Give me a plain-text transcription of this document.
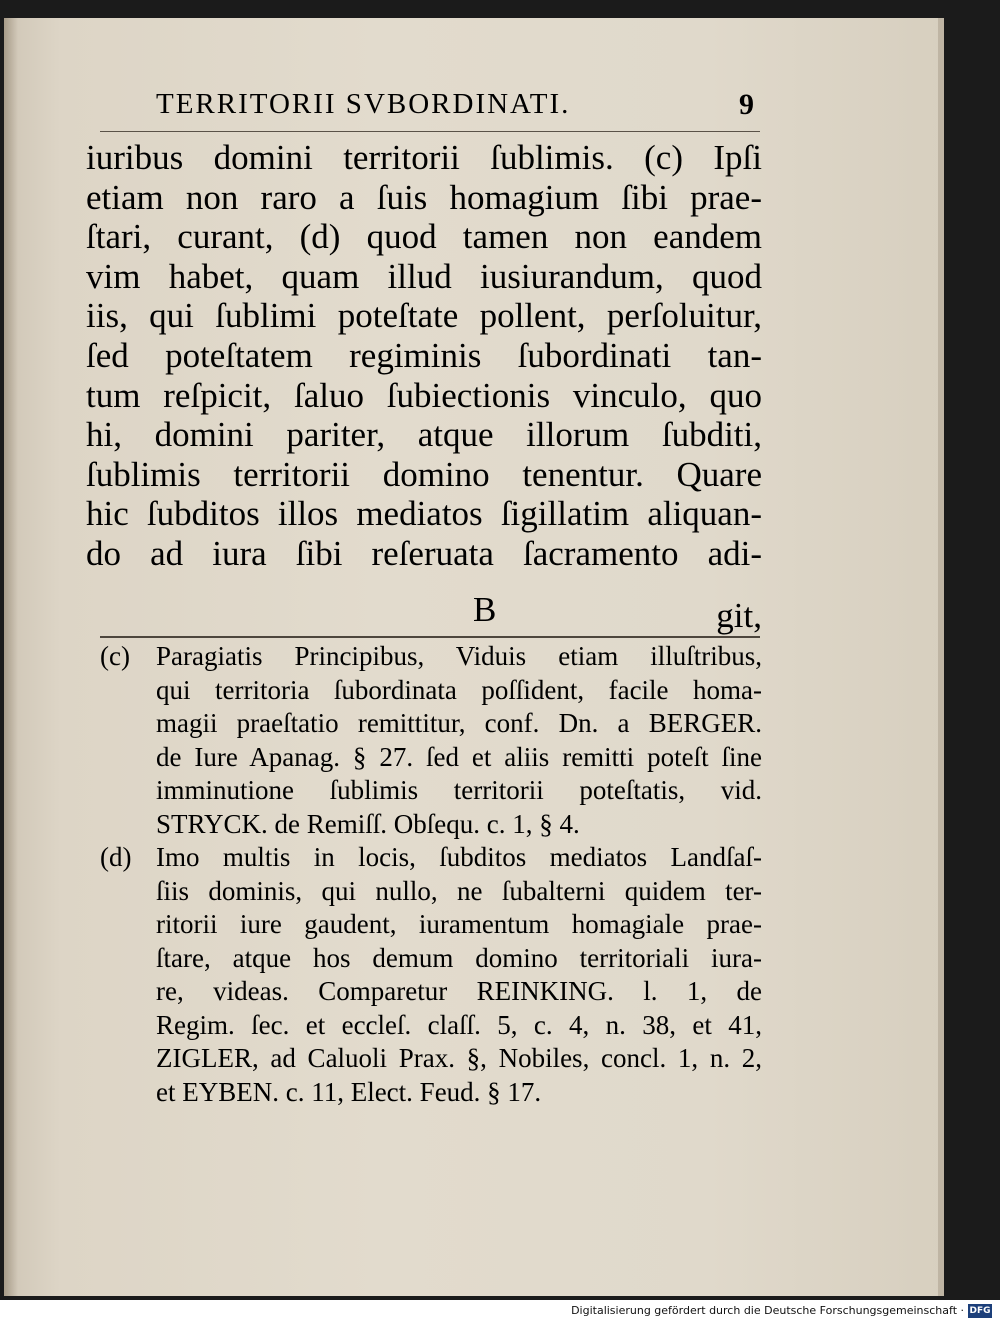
TERRITORII SVBORDINATI.	9
iuribus domini territorii ſublimis. (c) Ipſi
etiam non raro a ſuis homagium ſibi prae-
ſtari, curant, (d) quod tamen non eandem
vim habet, quam illud iusiurandum, quod
iis, qui ſublimi poteſtate pollent, perſoluitur,
ſed poteſtatem regiminis ſubordinati tan-
tum reſpicit, ſaluo ſubiectionis vinculo, quo
hi, domini pariter, atque illorum ſubditi,
ſublimis territorii domino tenentur. Quare
hic ſubditos illos mediatos ſigillatim aliquan-
do ad iura ſibi reſeruata ſacramento adi-
B	git,
(c) Paragiatis Principibus, Viduis etiam illuſtribus,
qui territoria ſubordinata poſſident, facile homa-
magii praeſtatio remittitur, conf. Dn. a BERGER.
de Iure Apanag. § 27. ſed et aliis remitti poteſt ſine
imminutione ſublimis territorii poteſtatis, vid.
STRYCK. de Remiſſ. Obſequ. c. 1, § 4.
(d) Imo multis in locis, ſubditos mediatos Landſaſ-
ſiis dominis, qui nullo, ne ſubalterni quidem ter-
ritorii iure gaudent, iuramentum homagiale prae-
ſtare, atque hos demum domino territoriali iura-
re, videas. Comparetur REINKING. l. 1, de
Regim. ſec. et eccleſ. claſſ. 5, c. 4, n. 38, et 41,
ZIGLER, ad Caluoli Prax. §, Nobiles, concl. 1, n. 2,
et EYBEN. c. 11, Elect. Feud. § 17.
Digitalisierung gefördert durch die Deutsche Forschungsgemeinschaft · DFG
